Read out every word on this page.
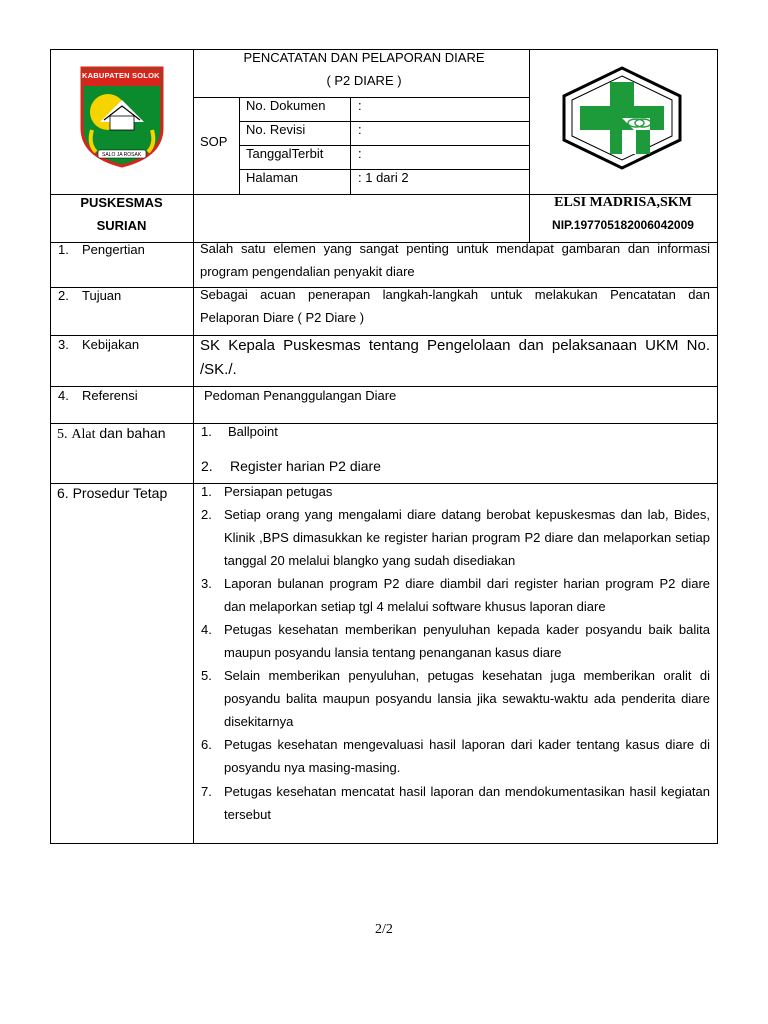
KABUPATEN SOLOK
SALO JA ROSAK
PENCATATAN DAN PELAPORAN DIARE
( P2 DIARE )
SOP
No. Dokumen	:
No. Revisi	:
TanggalTerbit	:
Halaman	: 1 dari 2
PUSKESMAS
SURIAN
ELSI MADRISA,SKM
NIP.197705182006042009
1. Pengertian	Salah satu elemen yang sangat penting untuk mendapat gambaran dan informasi program pengendalian penyakit diare

2. Tujuan	Sebagai acuan penerapan langkah-langkah untuk melakukan Pencatatan dan Pelaporan Diare ( P2 Diare )

3. Kebijakan	SK Kepala Puskesmas tentang Pengelolaan dan pelaksanaan UKM No. /SK./.

4. Referensi	Pedoman Penanggulangan Diare
5. Alat dan bahan	1. Ballpoint
2. Register harian P2 diare
6. Prosedur Tetap	1. Persiapan petugas
2. Setiap orang yang mengalami diare datang berobat kepuskesmas dan lab, Bides, Klinik ,BPS dimasukkan ke register harian program P2 diare dan melaporkan setiap tanggal 20 melalui blangko yang sudah disediakan
3. Laporan bulanan program P2 diare diambil dari register harian program P2 diare dan melaporkan setiap tgl 4 melalui software khusus laporan diare
4. Petugas kesehatan memberikan penyuluhan kepada kader posyandu baik balita maupun posyandu lansia tentang penanganan kasus diare
5. Selain memberikan penyuluhan, petugas kesehatan juga memberikan oralit di posyandu balita maupun posyandu lansia jika sewaktu-waktu ada penderita diare disekitarnya
6. Petugas kesehatan mengevaluasi hasil laporan dari kader tentang kasus diare di posyandu nya masing-masing.
7. Petugas kesehatan mencatat hasil laporan dan mendokumentasikan hasil kegiatan tersebut
2/2
